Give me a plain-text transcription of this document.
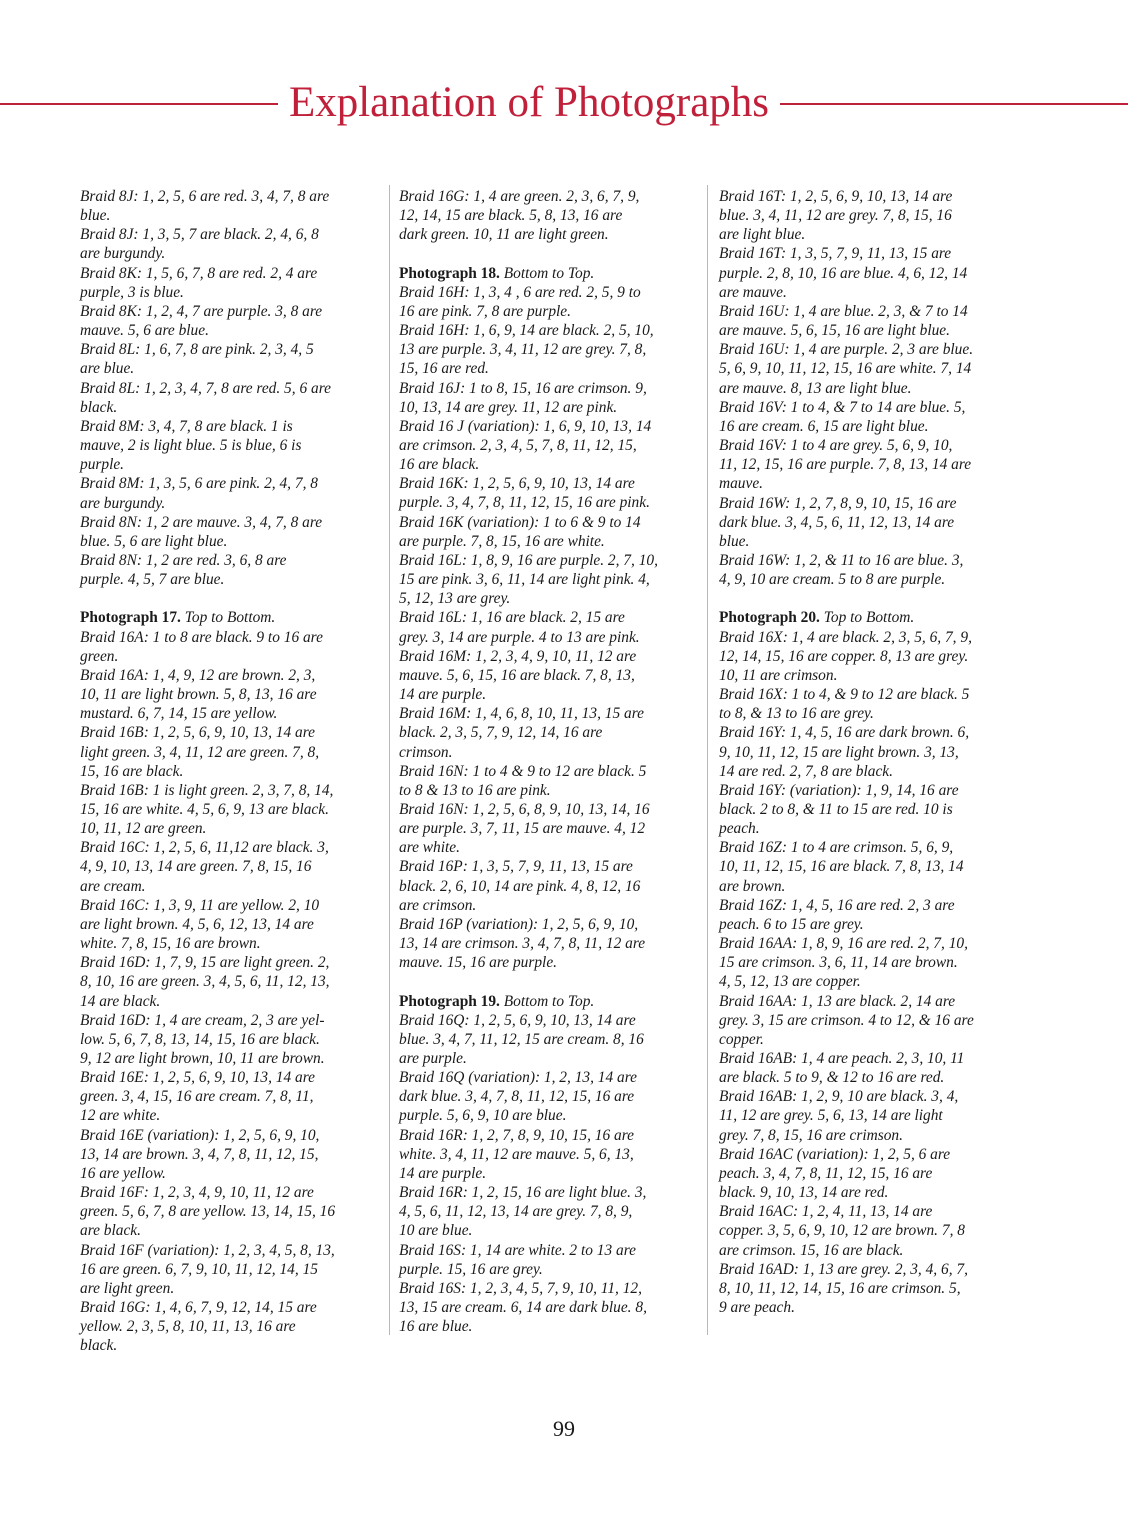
Explanation of Photographs
Braid 8J: 1, 2, 5, 6 are red. 3, 4, 7, 8 are
blue.
Braid 8J: 1, 3, 5, 7 are black. 2, 4, 6, 8
are burgundy.
Braid 8K: 1, 5, 6, 7, 8 are red. 2, 4 are
purple, 3 is blue.
Braid 8K: 1, 2, 4, 7 are purple. 3, 8 are
mauve. 5, 6 are blue.
Braid 8L: 1, 6, 7, 8 are pink. 2, 3, 4, 5
are blue.
Braid 8L: 1, 2, 3, 4, 7, 8 are red. 5, 6 are
black.
Braid 8M: 3, 4, 7, 8 are black. 1 is
mauve, 2 is light blue. 5 is blue, 6 is
purple.
Braid 8M: 1, 3, 5, 6 are pink. 2, 4, 7, 8
are burgundy.
Braid 8N: 1, 2 are mauve. 3, 4, 7, 8 are
blue. 5, 6 are light blue.
Braid 8N: 1, 2 are red. 3, 6, 8 are
purple. 4, 5, 7 are blue.
Photograph 17. Top to Bottom.
Braid 16A: 1 to 8 are black. 9 to 16 are
green.
Braid 16A: 1, 4, 9, 12 are brown. 2, 3,
10, 11 are light brown. 5, 8, 13, 16 are
mustard. 6, 7, 14, 15 are yellow.
Braid 16B: 1, 2, 5, 6, 9, 10, 13, 14 are
light green. 3, 4, 11, 12 are green. 7, 8,
15, 16 are black.
Braid 16B: 1 is light green. 2, 3, 7, 8, 14,
15, 16 are white. 4, 5, 6, 9, 13 are black.
10, 11, 12 are green.
Braid 16C: 1, 2, 5, 6, 11,12 are black. 3,
4, 9, 10, 13, 14 are green. 7, 8, 15, 16
are cream.
Braid 16C: 1, 3, 9, 11 are yellow. 2, 10
are light brown. 4, 5, 6, 12, 13, 14 are
white. 7, 8, 15, 16 are brown.
Braid 16D: 1, 7, 9, 15 are light green. 2,
8, 10, 16 are green. 3, 4, 5, 6, 11, 12, 13,
14 are black.
Braid 16D: 1, 4 are cream, 2, 3 are yel-
low. 5, 6, 7, 8, 13, 14, 15, 16 are black.
9, 12 are light brown, 10, 11 are brown.
Braid 16E: 1, 2, 5, 6, 9, 10, 13, 14 are
green. 3, 4, 15, 16 are cream. 7, 8, 11,
12 are white.
Braid 16E (variation): 1, 2, 5, 6, 9, 10,
13, 14 are brown. 3, 4, 7, 8, 11, 12, 15,
16 are yellow.
Braid 16F: 1, 2, 3, 4, 9, 10, 11, 12 are
green. 5, 6, 7, 8 are yellow. 13, 14, 15, 16
are black.
Braid 16F (variation): 1, 2, 3, 4, 5, 8, 13,
16 are green. 6, 7, 9, 10, 11, 12, 14, 15
are light green.
Braid 16G: 1, 4, 6, 7, 9, 12, 14, 15 are
yellow. 2, 3, 5, 8, 10, 11, 13, 16 are
black.
Braid 16G: 1, 4 are green. 2, 3, 6, 7, 9,
12, 14, 15 are black. 5, 8, 13, 16 are
dark green. 10, 11 are light green.
Photograph 18. Bottom to Top.
Braid 16H: 1, 3, 4 , 6 are red. 2, 5, 9 to
16 are pink. 7, 8 are purple.
Braid 16H: 1, 6, 9, 14 are black. 2, 5, 10,
13 are purple. 3, 4, 11, 12 are grey. 7, 8,
15, 16 are red.
Braid 16J: 1 to 8, 15, 16 are crimson. 9,
10, 13, 14 are grey. 11, 12 are pink.
Braid 16 J (variation): 1, 6, 9, 10, 13, 14
are crimson. 2, 3, 4, 5, 7, 8, 11, 12, 15,
16 are black.
Braid 16K: 1, 2, 5, 6, 9, 10, 13, 14 are
purple. 3, 4, 7, 8, 11, 12, 15, 16 are pink.
Braid 16K (variation): 1 to 6 & 9 to 14
are purple. 7, 8, 15, 16 are white.
Braid 16L: 1, 8, 9, 16 are purple. 2, 7, 10,
15 are pink. 3, 6, 11, 14 are light pink. 4,
5, 12, 13 are grey.
Braid 16L: 1, 16 are black. 2, 15 are
grey. 3, 14 are purple. 4 to 13 are pink.
Braid 16M: 1, 2, 3, 4, 9, 10, 11, 12 are
mauve. 5, 6, 15, 16 are black. 7, 8, 13,
14 are purple.
Braid 16M: 1, 4, 6, 8, 10, 11, 13, 15 are
black. 2, 3, 5, 7, 9, 12, 14, 16 are
crimson.
Braid 16N: 1 to 4 & 9 to 12 are black. 5
to 8 & 13 to 16 are pink.
Braid 16N: 1, 2, 5, 6, 8, 9, 10, 13, 14, 16
are purple. 3, 7, 11, 15 are mauve. 4, 12
are white.
Braid 16P: 1, 3, 5, 7, 9, 11, 13, 15 are
black. 2, 6, 10, 14 are pink. 4, 8, 12, 16
are crimson.
Braid 16P (variation): 1, 2, 5, 6, 9, 10,
13, 14 are crimson. 3, 4, 7, 8, 11, 12 are
mauve. 15, 16 are purple.
Photograph 19. Bottom to Top.
Braid 16Q: 1, 2, 5, 6, 9, 10, 13, 14 are
blue. 3, 4, 7, 11, 12, 15 are cream. 8, 16
are purple.
Braid 16Q (variation): 1, 2, 13, 14 are
dark blue. 3, 4, 7, 8, 11, 12, 15, 16 are
purple. 5, 6, 9, 10 are blue.
Braid 16R: 1, 2, 7, 8, 9, 10, 15, 16 are
white. 3, 4, 11, 12 are mauve. 5, 6, 13,
14 are purple.
Braid 16R: 1, 2, 15, 16 are light blue. 3,
4, 5, 6, 11, 12, 13, 14 are grey. 7, 8, 9,
10 are blue.
Braid 16S: 1, 14 are white. 2 to 13 are
purple. 15, 16 are grey.
Braid 16S: 1, 2, 3, 4, 5, 7, 9, 10, 11, 12,
13, 15 are cream. 6, 14 are dark blue. 8,
16 are blue.
Braid 16T: 1, 2, 5, 6, 9, 10, 13, 14 are
blue. 3, 4, 11, 12 are grey. 7, 8, 15, 16
are light blue.
Braid 16T: 1, 3, 5, 7, 9, 11, 13, 15 are
purple. 2, 8, 10, 16 are blue. 4, 6, 12, 14
are mauve.
Braid 16U: 1, 4 are blue. 2, 3, & 7 to 14
are mauve. 5, 6, 15, 16 are light blue.
Braid 16U: 1, 4 are purple. 2, 3 are blue.
5, 6, 9, 10, 11, 12, 15, 16 are white. 7, 14
are mauve. 8, 13 are light blue.
Braid 16V: 1 to 4, & 7 to 14 are blue. 5,
16 are cream. 6, 15 are light blue.
Braid 16V: 1 to 4 are grey. 5, 6, 9, 10,
11, 12, 15, 16 are purple. 7, 8, 13, 14 are
mauve.
Braid 16W: 1, 2, 7, 8, 9, 10, 15, 16 are
dark blue. 3, 4, 5, 6, 11, 12, 13, 14 are
blue.
Braid 16W: 1, 2, & 11 to 16 are blue. 3,
4, 9, 10 are cream. 5 to 8 are purple.
Photograph 20. Top to Bottom.
Braid 16X: 1, 4 are black. 2, 3, 5, 6, 7, 9,
12, 14, 15, 16 are copper. 8, 13 are grey.
10, 11 are crimson.
Braid 16X: 1 to 4, & 9 to 12 are black. 5
to 8, & 13 to 16 are grey.
Braid 16Y: 1, 4, 5, 16 are dark brown. 6,
9, 10, 11, 12, 15 are light brown. 3, 13,
14 are red. 2, 7, 8 are black.
Braid 16Y: (variation): 1, 9, 14, 16 are
black. 2 to 8, & 11 to 15 are red. 10 is
peach.
Braid 16Z: 1 to 4 are crimson. 5, 6, 9,
10, 11, 12, 15, 16 are black. 7, 8, 13, 14
are brown.
Braid 16Z: 1, 4, 5, 16 are red. 2, 3 are
peach. 6 to 15 are grey.
Braid 16AA: 1, 8, 9, 16 are red. 2, 7, 10,
15 are crimson. 3, 6, 11, 14 are brown.
4, 5, 12, 13 are copper.
Braid 16AA: 1, 13 are black. 2, 14 are
grey. 3, 15 are crimson. 4 to 12, & 16 are
copper.
Braid 16AB: 1, 4 are peach. 2, 3, 10, 11
are black. 5 to 9, & 12 to 16 are red.
Braid 16AB: 1, 2, 9, 10 are black. 3, 4,
11, 12 are grey. 5, 6, 13, 14 are light
grey. 7, 8, 15, 16 are crimson.
Braid 16AC (variation): 1, 2, 5, 6 are
peach. 3, 4, 7, 8, 11, 12, 15, 16 are
black. 9, 10, 13, 14 are red.
Braid 16AC: 1, 2, 4, 11, 13, 14 are
copper. 3, 5, 6, 9, 10, 12 are brown. 7, 8
are crimson. 15, 16 are black.
Braid 16AD: 1, 13 are grey. 2, 3, 4, 6, 7,
8, 10, 11, 12, 14, 15, 16 are crimson. 5,
9 are peach.
99
